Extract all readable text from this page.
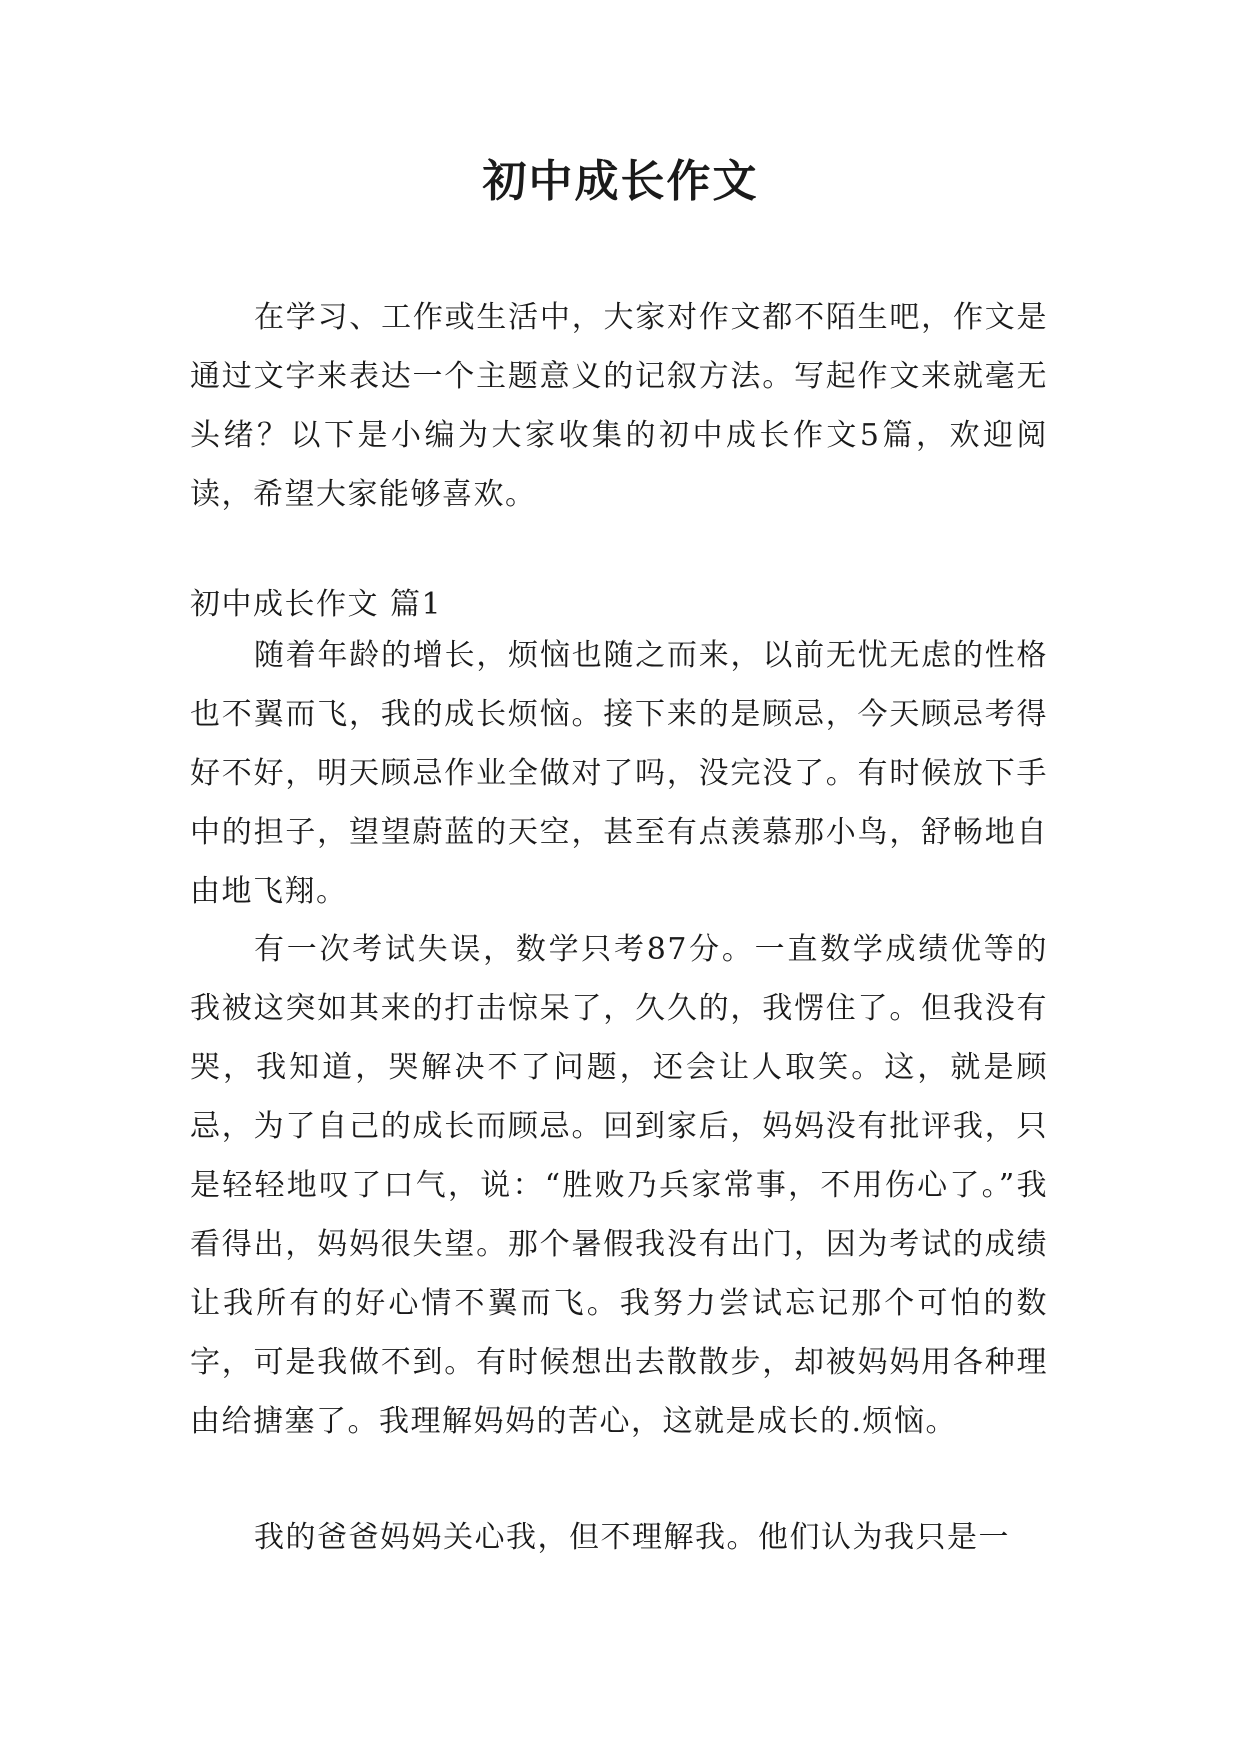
初中成长作文

在学习、工作或生活中，大家对作文都不陌生吧，作文是通过文字来表达一个主题意义的记叙方法。写起作文来就毫无头绪？以下是小编为大家收集的初中成长作文5篇，欢迎阅读，希望大家能够喜欢。

初中成长作文 篇1

随着年龄的增长，烦恼也随之而来，以前无忧无虑的性格也不翼而飞，我的成长烦恼。接下来的是顾忌，今天顾忌考得好不好，明天顾忌作业全做对了吗，没完没了。有时候放下手中的担子，望望蔚蓝的天空，甚至有点羡慕那小鸟，舒畅地自由地飞翔。

有一次考试失误，数学只考87分。一直数学成绩优等的我被这突如其来的打击惊呆了，久久的，我愣住了。但我没有哭，我知道，哭解决不了问题，还会让人取笑。这，就是顾忌，为了自己的成长而顾忌。回到家后，妈妈没有批评我，只是轻轻地叹了口气，说：“胜败乃兵家常事，不用伤心了。”我看得出，妈妈很失望。那个暑假我没有出门，因为考试的成绩让我所有的好心情不翼而飞。我努力尝试忘记那个可怕的数字，可是我做不到。有时候想出去散散步，却被妈妈用各种理由给搪塞了。我理解妈妈的苦心，这就是成长的.烦恼。

我的爸爸妈妈关心我，但不理解我。他们认为我只是一
